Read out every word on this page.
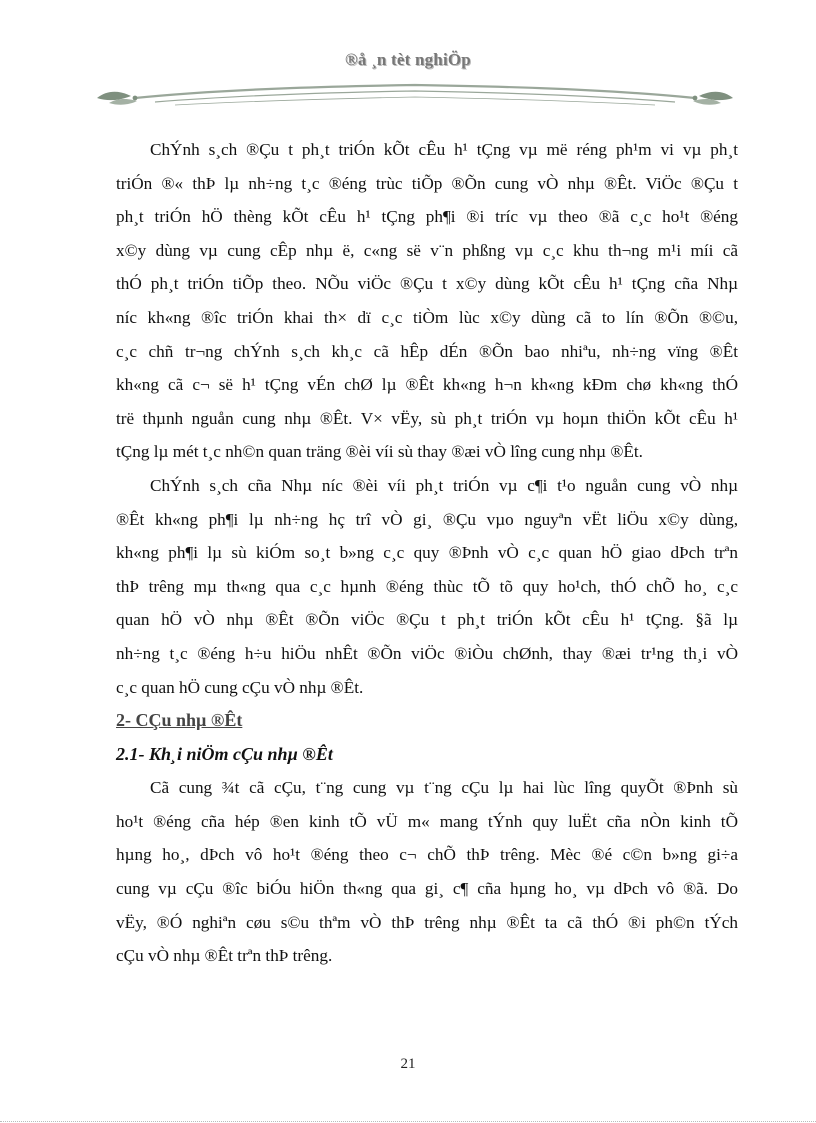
®å ¸n tèt nghiÖp
ChÝnh s¸ch ®Çu t ph¸t triÓn kÕt cÊu h¹ tÇng vµ më réng ph¹m vi vµ ph¸t
triÓn ®« thÞ lµ nh÷ng t¸c ®éng trùc tiÕp ®Õn cung vÒ nhµ ®Êt. ViÖc ®Çu t
ph¸t triÓn hÖ thèng kÕt cÊu h¹ tÇng ph¶i ®i tríc vµ theo ®ã c¸c ho¹t ®éng
x©y dùng vµ cung cÊp nhµ ë, c«ng së v¨n phßng vµ c¸c khu th¬ng m¹i míi cã
thÓ ph¸t triÓn tiÕp theo. NÕu viÖc ®Çu t x©y dùng kÕt cÊu h¹ tÇng cña Nhµ
níc kh«ng ®îc triÓn khai th× dï c¸c tiÒm lùc x©y dùng cã to lín ®Õn ®©u,
c¸c chñ tr¬ng chÝnh s¸ch kh¸c cã hÊp dÉn ®Õn bao nhiªu, nh÷ng vïng ®Êt
kh«ng cã c¬ së h¹ tÇng vÉn chØ lµ ®Êt kh«ng h¬n kh«ng kÐm chø kh«ng thÓ
trë thµnh nguån cung nhµ ®Êt. V× vËy, sù ph¸t triÓn vµ hoµn thiÖn kÕt cÊu h¹
tÇng lµ mét t¸c nh©n quan träng ®èi víi sù thay ®æi vÒ lîng cung nhµ ®Êt.
ChÝnh s¸ch cña Nhµ níc ®èi víi ph¸t triÓn vµ c¶i t¹o nguån cung vÒ nhµ
®Êt kh«ng ph¶i lµ nh÷ng hç trî vÒ gi¸ ®Çu vµo nguyªn vËt liÖu x©y dùng,
kh«ng ph¶i lµ sù kiÓm so¸t b»ng c¸c quy ®Þnh vÒ c¸c quan hÖ giao dÞch trªn
thÞ trêng mµ th«ng qua c¸c hµnh ®éng thùc tÕ tõ quy ho¹ch, thÓ chÕ ho¸ c¸c
quan hÖ vÒ nhµ ®Êt ®Õn viÖc ®Çu t ph¸t triÓn kÕt cÊu h¹ tÇng. §ã lµ
nh÷ng t¸c ®éng h÷u hiÖu nhÊt ®Õn viÖc ®iÒu chØnh, thay ®æi tr¹ng th¸i vÒ
c¸c quan hÖ cung cÇu vÒ nhµ ®Êt.
2- CÇu nhµ ®Êt
2.1- Kh¸i niÖm cÇu nhµ ®Êt
Cã cung ¾t cã cÇu, t¨ng cung vµ t¨ng cÇu lµ hai lùc lîng quyÕt ®Þnh sù
ho¹t ®éng cña hép ®en kinh tÕ vÜ m« mang tÝnh quy luËt cña nÒn kinh tÕ
hµng ho¸, dÞch vô ho¹t ®éng theo c¬ chÕ thÞ trêng. Mèc ®é c©n b»ng gi÷a
cung vµ cÇu ®îc biÓu hiÖn th«ng qua gi¸ c¶ cña hµng ho¸ vµ dÞch vô ®ã. Do
vËy, ®Ó nghiªn cøu s©u thªm vÒ thÞ trêng nhµ ®Êt ta cã thÓ ®i ph©n tÝch
cÇu vÒ nhµ ®Êt trªn thÞ trêng.
21
